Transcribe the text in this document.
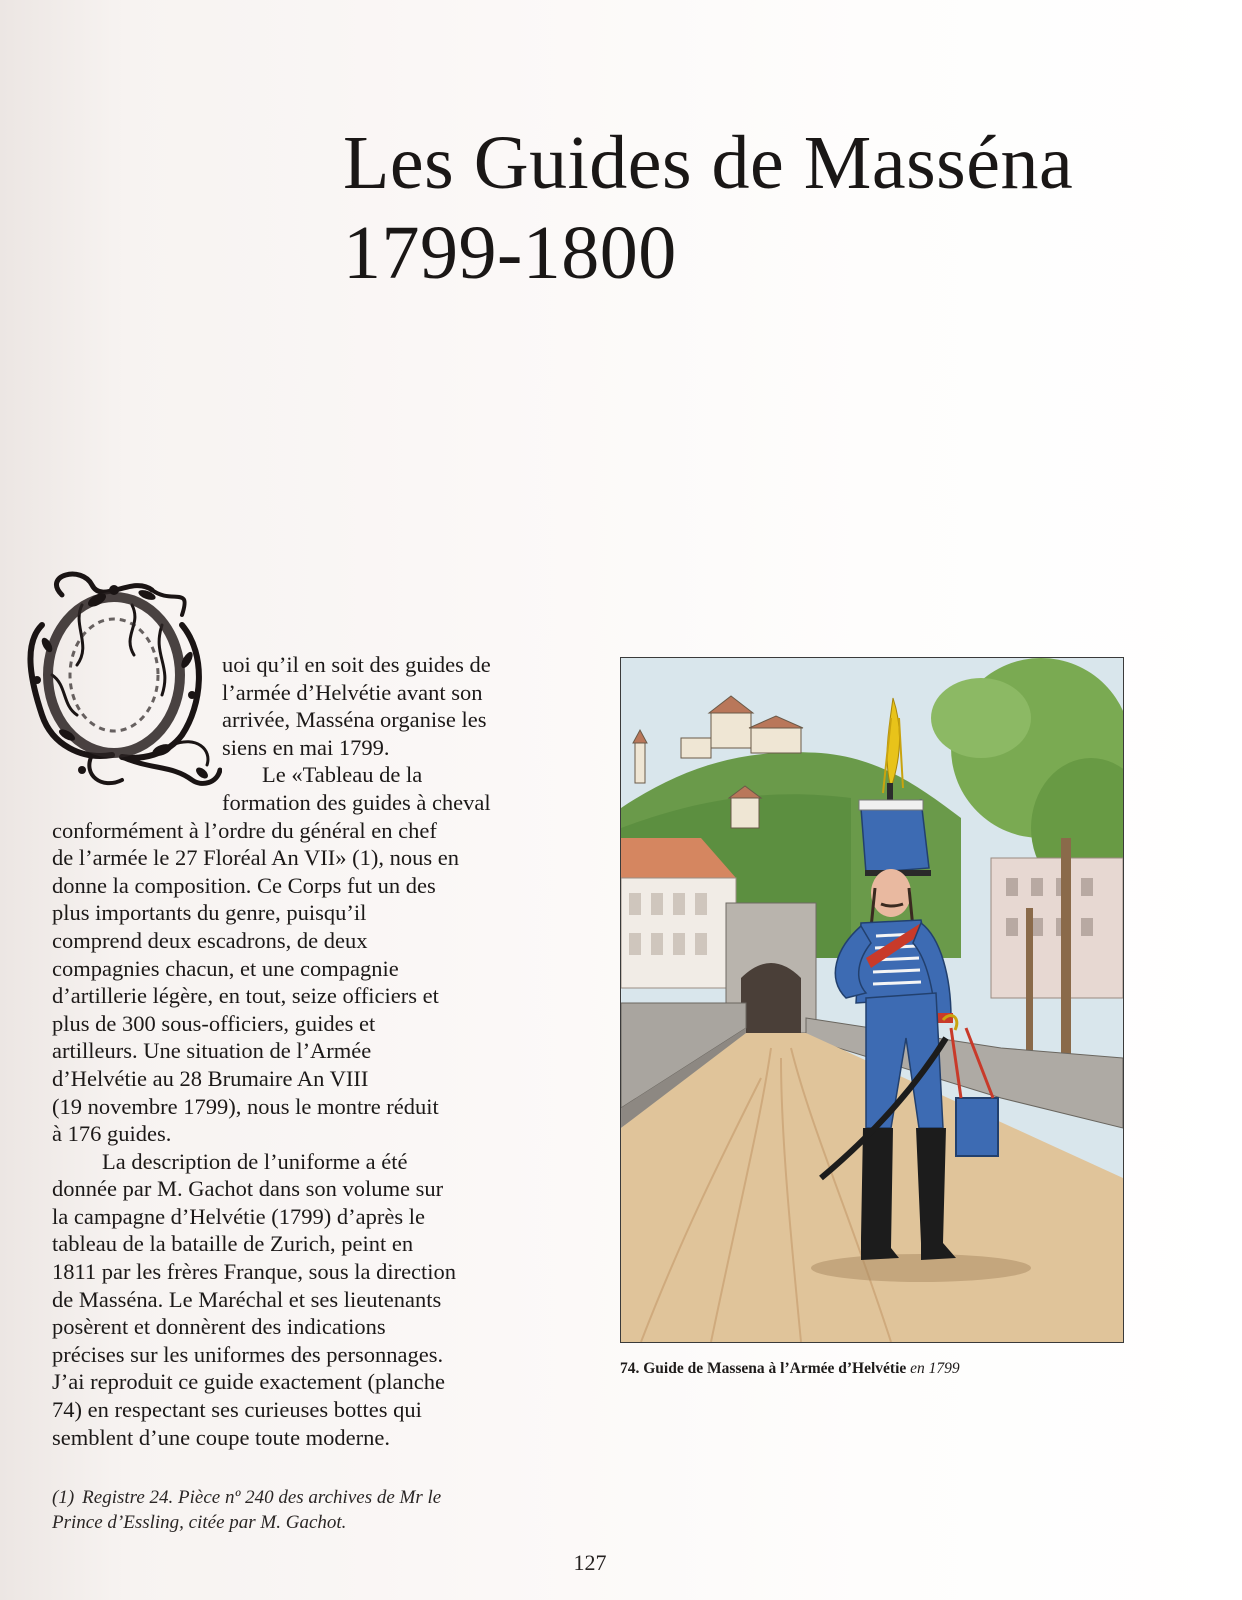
Les Guides de Masséna
1799-1800

uoi qu’il en soit des guides de
l’armée d’Helvétie avant son
arrivée, Masséna organise les
siens en mai 1799.

Le «Tableau de la
formation des guides à cheval
conformément à l’ordre du général en chef
de l’armée le 27 Floréal An VII» (1), nous en
donne la composition. Ce Corps fut un des
plus importants du genre, puisqu’il
comprend deux escadrons, de deux
compagnies chacun, et une compagnie
d’artillerie légère, en tout, seize officiers et
plus de 300 sous-officiers, guides et
artilleurs. Une situation de l’Armée
d’Helvétie au 28 Brumaire An VIII
(19 novembre 1799), nous le montre réduit
à 176 guides.

La description de l’uniforme a été
donnée par M. Gachot dans son volume sur
la campagne d’Helvétie (1799) d’après le
tableau de la bataille de Zurich, peint en
1811 par les frères Franque, sous la direction
de Masséna. Le Maréchal et ses lieutenants
posèrent et donnèrent des indications
précises sur les uniformes des personnages.
J’ai reproduit ce guide exactement (planche
74) en respectant ses curieuses bottes qui
semblent d’une coupe toute moderne.

(1) Registre 24. Pièce nº 240 des archives de Mr le
Prince d’Essling, citée par M. Gachot.
74. Guide de Massena à l’Armée d’Helvétie en 1799
127
